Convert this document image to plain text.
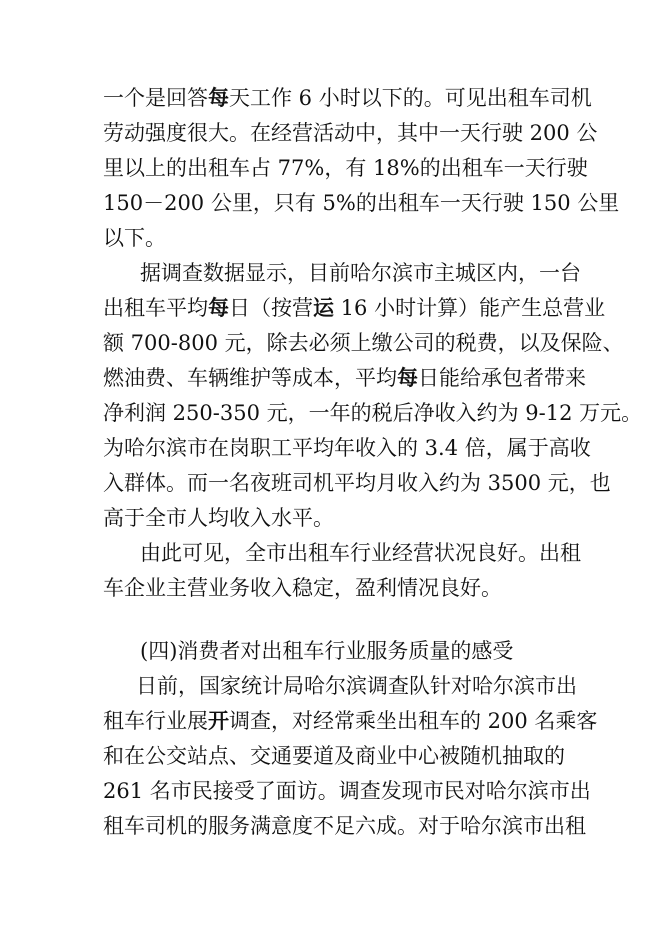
一个是回答每天工作 6 小时以下的。可见出租车司机
劳动强度很大。在经营活动中，其中一天行驶 200 公
里以上的出租车占 77%，有 18%的出租车一天行驶
150－200 公里，只有 5%的出租车一天行驶 150 公里
以下。
据调查数据显示，目前哈尔滨市主城区内，一台
出租车平均每日（按营运 16 小时计算）能产生总营业
额 700-800 元，除去必须上缴公司的税费，以及保险、
燃油费、车辆维护等成本，平均每日能给承包者带来
净利润 250-350 元，一年的税后净收入约为 9-12 万元。
为哈尔滨市在岗职工平均年收入的 3.4 倍，属于高收
入群体。而一名夜班司机平均月收入约为 3500 元，也
高于全市人均收入水平。
由此可见，全市出租车行业经营状况良好。出租
车企业主营业务收入稳定，盈利情况良好。
(四)消费者对出租车行业服务质量的感受
日前，国家统计局哈尔滨调查队针对哈尔滨市出
租车行业展开调查，对经常乘坐出租车的 200 名乘客
和在公交站点、交通要道及商业中心被随机抽取的
261 名市民接受了面访。调查发现市民对哈尔滨市出
租车司机的服务满意度不足六成。对于哈尔滨市出租
